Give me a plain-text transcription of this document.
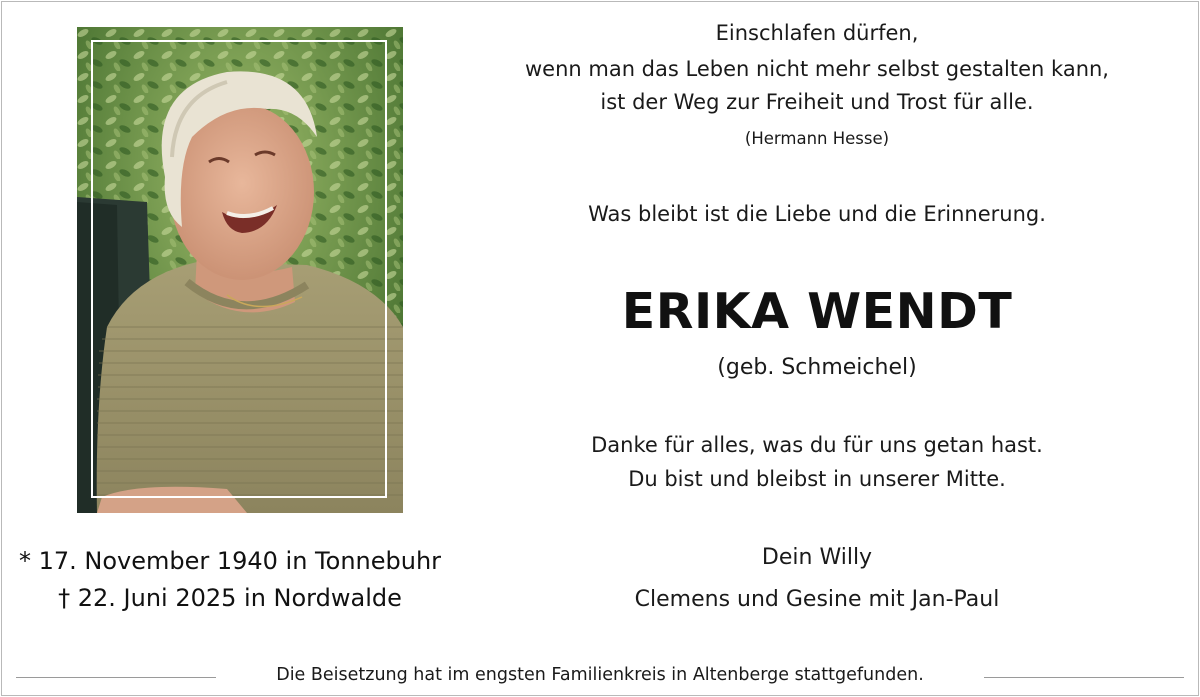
* 17. November 1940 in Tonnebuhr
† 22. Juni 2025 in Nordwalde
Einschlafen dürfen,
wenn man das Leben nicht mehr selbst gestalten kann,
ist der Weg zur Freiheit und Trost für alle.
(Hermann Hesse)
Was bleibt ist die Liebe und die Erinnerung.
ERIKA WENDT
(geb. Schmeichel)
Danke für alles, was du für uns getan hast.
Du bist und bleibst in unserer Mitte.
Dein Willy
Clemens und Gesine mit Jan-Paul
Die Beisetzung hat im engsten Familienkreis in Altenberge stattgefunden.
